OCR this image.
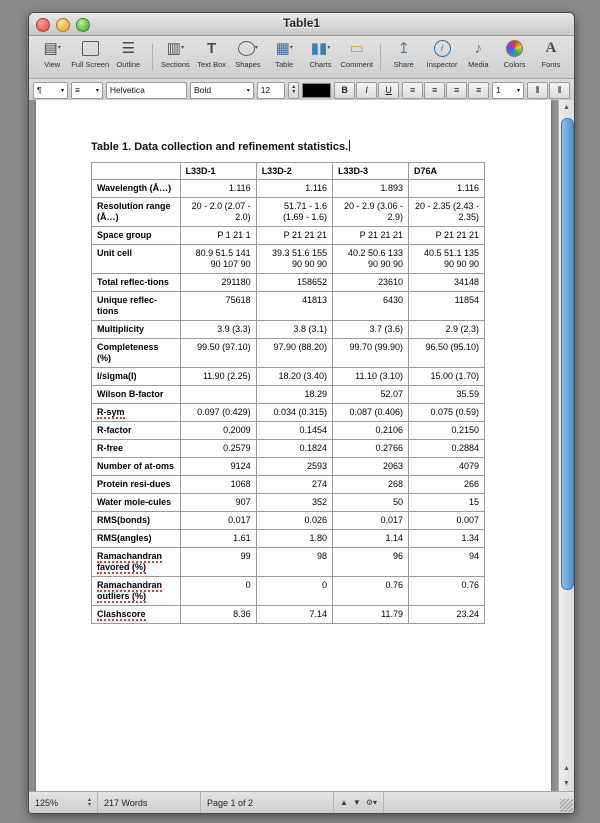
Table1
▤ ▾
View Full Screen
☰
Outline
▥ ▾
Sections
T
Text Box
▾
Shapes
▦ ▾
Table
▮▮ ▾
Charts
▭
Comment
↥
Share
i
Inspector
♪
Media Colors
A
Fonts
¶	▾ ≡	▾ Helvetica	Bold	▾ 12	▴
▾	B	I	U	≡	≡	≡	≡	1	▾	⫴	⫴
Table 1. Data collection and refinement statistics.
	L33D-1	L33D-2	L33D-3	D76A
Wavelength (Å…)	1.116	1.116	1.893	1.116
Resolution range (Å…)	20 - 2.0 (2.07 - 2.0)	51.71 - 1.6 (1.69 - 1.6)	20 - 2.9 (3.06 - 2.9)	20 - 2.35 (2.43 - 2.35)
Space group	P 1 21 1	P 21 21 21	P 21 21 21	P 21 21 21
Unit cell	80.9 51.5 141 90 107 90	39.3 51.6 155 90 90 90	40.2 50.6 133 90 90 90	40.5 51.1 135 90 90 90
Total reflec-tions	291180	158652	23610	34148
Unique reflec-tions	75618	41813	6430	11854
Multiplicity	3.9 (3.3)	3.8 (3.1)	3.7 (3.6)	2.9 (2.3)
Completeness (%)	99.50 (97.10)	97.90 (88.20)	99.70 (99.90)	96.50 (95.10)
I/sigma(I)	11.90 (2.25)	18.20 (3.40)	11.10 (3.10)	15.00 (1.70)
Wilson B-factor		18.29	52.07	35.59
R-sym	0.097 (0.429)	0.034 (0.315)	0.087 (0.406)	0.075 (0.59)
R-factor	0.2009	0.1454	0.2106	0.2150
R-free	0.2579	0.1824	0.2766	0.2884
Number of at-oms	9124	2593	2063	4079
Protein resi-dues	1068	274	268	266
Water mole-cules	907	352	50	15
RMS(bonds)	0.017	0.026	0.017	0.007
RMS(angles)	1.61	1.80	1.14	1.34
Ramachandran favored (%)	99	98	96	94
Ramachandran outliers (%)	0	0	0.76	0.76
Clashscore	8.36	7.14	11.79	23.24
▲
▲
▼
125%	▴
▾	217 Words	Page 1 of 2	▲ ▼ ⚙▾
